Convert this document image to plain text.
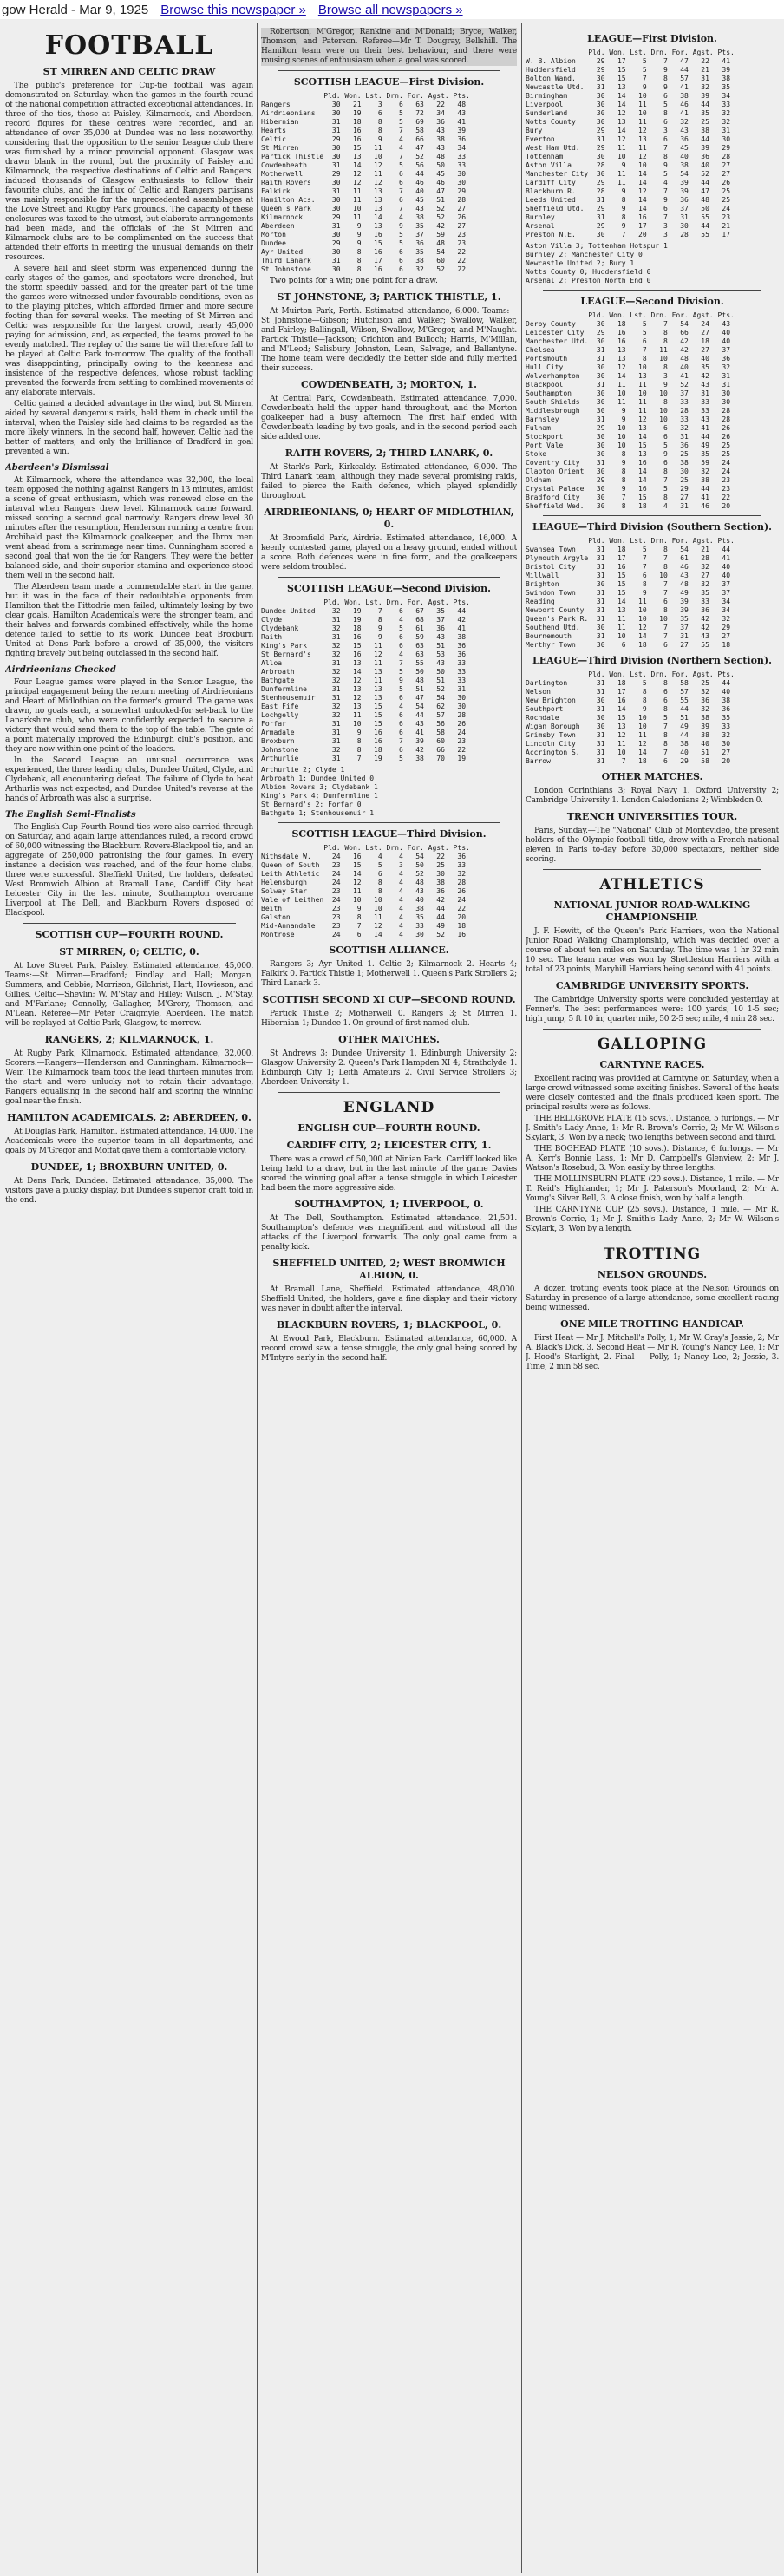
gow Herald - Mar 9, 1925 Browse this newspaper » Browse all newspapers »
FOOTBALL
ST MIRREN AND CELTIC DRAW

The public's preference for Cup-tie football was again demonstrated on Saturday, when the games in the fourth round of the national competition attracted exceptional attendances. In three of the ties, those at Paisley, Kilmarnock, and Aberdeen, record figures for these centres were recorded, and an attendance of over 35,000 at Dundee was no less noteworthy, considering that the opposition to the senior League club there was furnished by a minor provincial opponent. Glasgow was drawn blank in the round, but the proximity of Paisley and Kilmarnock, the respective destinations of Celtic and Rangers, induced thousands of Glasgow enthusiasts to follow their favourite clubs, and the influx of Celtic and Rangers partisans was mainly responsible for the unprecedented assemblages at the Love Street and Rugby Park grounds. The capacity of these enclosures was taxed to the utmost, but elaborate arrangements had been made, and the officials of the St Mirren and Kilmarnock clubs are to be complimented on the success that attended their efforts in meeting the unusual demands on their resources.

A severe hail and sleet storm was experienced during the early stages of the games, and spectators were drenched, but the storm speedily passed, and for the greater part of the time the games were witnessed under favourable conditions, even as to the playing pitches, which afforded firmer and more secure footing than for several weeks. The meeting of St Mirren and Celtic was responsible for the largest crowd, nearly 45,000 paying for admission, and, as expected, the teams proved to be evenly matched. The replay of the same tie will therefore fall to be played at Celtic Park to-morrow. The quality of the football was disappointing, principally owing to the keenness and insistence of the respective defences, whose robust tackling prevented the forwards from settling to combined movements of any elaborate intervals.

Celtic gained a decided advantage in the wind, but St Mirren, aided by several dangerous raids, held them in check until the interval, when the Paisley side had claims to be regarded as the more likely winners. In the second half, however, Celtic had the better of matters, and only the brilliance of Bradford in goal prevented a win.

Aberdeen's Dismissal

At Kilmarnock, where the attendance was 32,000, the local team opposed the nothing against Rangers in 13 minutes, amidst a scene of great enthusiasm, which was renewed close on the interval when Rangers drew level. Kilmarnock came forward, missed scoring a second goal narrowly. Rangers drew level 30 minutes after the resumption, Henderson running a centre from Archibald past the Kilmarnock goalkeeper, and the Ibrox men went ahead from a scrimmage near time. Cunningham scored a second goal that won the tie for Rangers. They were the better balanced side, and their superior stamina and experience stood them well in the second half.

The Aberdeen team made a commendable start in the game, but it was in the face of their redoubtable opponents from Hamilton that the Pittodrie men failed, ultimately losing by two clear goals. Hamilton Academicals were the stronger team, and their halves and forwards combined effectively, while the home defence failed to settle to its work. Dundee beat Broxburn United at Dens Park before a crowd of 35,000, the visitors fighting bravely but being outclassed in the second half.

Airdrieonians Checked

Four League games were played in the Senior League, the principal engagement being the return meeting of Airdrieonians and Heart of Midlothian on the former's ground. The game was drawn, no goals each, a somewhat unlooked-for set-back to the Lanarkshire club, who were confidently expected to secure a victory that would send them to the top of the table. The gate of a point materially improved the Edinburgh club's position, and they are now within one point of the leaders.

In the Second League an unusual occurrence was experienced, the three leading clubs, Dundee United, Clyde, and Clydebank, all encountering defeat. The failure of Clyde to beat Arthurlie was not expected, and Dundee United's reverse at the hands of Arbroath was also a surprise.

The English Semi-Finalists

The English Cup Fourth Round ties were also carried through on Saturday, and again large attendances ruled, a record crowd of 60,000 witnessing the Blackburn Rovers-Blackpool tie, and an aggregate of 250,000 patronising the four games. In every instance a decision was reached, and of the four home clubs, three were successful. Sheffield United, the holders, defeated West Bromwich Albion at Bramall Lane, Cardiff City beat Leicester City in the last minute, Southampton overcame Liverpool at The Dell, and Blackburn Rovers disposed of Blackpool.

SCOTTISH CUP—FOURTH ROUND.
ST MIRREN, 0; CELTIC, 0.

At Love Street Park, Paisley. Estimated attendance, 45,000. Teams:—St Mirren—Bradford; Findlay and Hall; Morgan, Summers, and Gebbie; Morrison, Gilchrist, Hart, Howieson, and Gillies. Celtic—Shevlin; W. M'Stay and Hilley; Wilson, J. M'Stay, and M'Farlane; Connolly, Gallagher, M'Grory, Thomson, and M'Lean. Referee—Mr Peter Craigmyle, Aberdeen. The match will be replayed at Celtic Park, Glasgow, to-morrow.

RANGERS, 2; KILMARNOCK, 1.

At Rugby Park, Kilmarnock. Estimated attendance, 32,000. Scorers:—Rangers—Henderson and Cunningham. Kilmarnock—Weir. The Kilmarnock team took the lead thirteen minutes from the start and were unlucky not to retain their advantage, Rangers equalising in the second half and scoring the winning goal near the finish.

HAMILTON ACADEMICALS, 2; ABERDEEN, 0.

At Douglas Park, Hamilton. Estimated attendance, 14,000. The Academicals were the superior team in all departments, and goals by M'Gregor and Moffat gave them a comfortable victory.

DUNDEE, 1; BROXBURN UNITED, 0.

At Dens Park, Dundee. Estimated attendance, 35,000. The visitors gave a plucky display, but Dundee's superior craft told in the end.

Robertson, M'Gregor, Rankine and M'Donald; Bryce, Walker, Thomson, and Paterson. Referee—Mr T. Dougray, Bellshill. The Hamilton team were on their best behaviour, and there were rousing scenes of enthusiasm when a goal was scored.

SCOTTISH LEAGUE—First Division.
Pld. Won. Lst. Drn. For. Agst. Pts.
Rangers          30   21    3    6   63   22   48
Airdrieonians    30   19    6    5   72   34   43
Hibernian        31   18    8    5   69   36   41
Hearts           31   16    8    7   58   43   39
Celtic           29   16    9    4   66   38   36
St Mirren        30   15   11    4   47   43   34
Partick Thistle  30   13   10    7   52   48   33
Cowdenbeath      31   14   12    5   56   50   33
Motherwell       29   12   11    6   44   45   30
Raith Rovers     30   12   12    6   46   46   30
Falkirk          31   11   13    7   40   47   29
Hamilton Acs.    30   11   13    6   45   51   28
Queen's Park     30   10   13    7   43   52   27
Kilmarnock       29   11   14    4   38   52   26
Aberdeen         31    9   13    9   35   42   27
Morton           30    9   16    5   37   59   23
Dundee           29    9   15    5   36   48   23
Ayr United       30    8   16    6   35   54   22
Third Lanark     31    8   17    6   38   60   22
St Johnstone     30    8   16    6   32   52   22

Two points for a win; one point for a draw.

ST JOHNSTONE, 3; PARTICK THISTLE, 1.

At Muirton Park, Perth. Estimated attendance, 6,000. Teams:—St Johnstone—Gibson; Hutchison and Walker; Swallow, Walker, and Fairley; Ballingall, Wilson, Swallow, M'Gregor, and M'Naught. Partick Thistle—Jackson; Crichton and Bulloch; Harris, M'Millan, and M'Leod; Salisbury, Johnston, Lean, Salvage, and Ballantyne. The home team were decidedly the better side and fully merited their success.

COWDENBEATH, 3; MORTON, 1.

At Central Park, Cowdenbeath. Estimated attendance, 7,000. Cowdenbeath held the upper hand throughout, and the Morton goalkeeper had a busy afternoon. The first half ended with Cowdenbeath leading by two goals, and in the second period each side added one.

RAITH ROVERS, 2; THIRD LANARK, 0.

At Stark's Park, Kirkcaldy. Estimated attendance, 6,000. The Third Lanark team, although they made several promising raids, failed to pierce the Raith defence, which played splendidly throughout.

AIRDRIEONIANS, 0; HEART OF MIDLOTHIAN, 0.

At Broomfield Park, Airdrie. Estimated attendance, 16,000. A keenly contested game, played on a heavy ground, ended without a score. Both defences were in fine form, and the goalkeepers were seldom troubled.

SCOTTISH LEAGUE—Second Division.
Pld. Won. Lst. Drn. For. Agst. Pts.
Dundee United    32   19    7    6   67   35   44
Clyde            31   19    8    4   68   37   42
Clydebank        32   18    9    5   61   36   41
Raith            31   16    9    6   59   43   38
King's Park      32   15   11    6   63   51   36
St Bernard's     32   16   12    4   63   53   36
Alloa            31   13   11    7   55   43   33
Arbroath         32   14   13    5   50   50   33
Bathgate         32   12   11    9   48   51   33
Dunfermline      31   13   13    5   51   52   31
Stenhousemuir    31   12   13    6   47   54   30
East Fife        32   13   15    4   54   62   30
Lochgelly        32   11   15    6   44   57   28
Forfar           31   10   15    6   43   56   26
Armadale         31    9   16    6   41   58   24
Broxburn         31    8   16    7   39   60   23
Johnstone        32    8   18    6   42   66   22
Arthurlie        31    7   19    5   38   70   19
Arthurlie 2; Clyde 1
Arbroath 1; Dundee United 0
Albion Rovers 3; Clydebank 1
King's Park 4; Dunfermline 1
St Bernard's 2; Forfar 0
Bathgate 1; Stenhousemuir 1
SCOTTISH LEAGUE—Third Division.
Pld. Won. Lst. Drn. For. Agst. Pts.
Nithsdale W.     24   16    4    4   54   22   36
Queen of South   23   15    5    3   50   25   33
Leith Athletic   24   14    6    4   52   30   32
Helensburgh      24   12    8    4   48   38   28
Solway Star      23   11    8    4   43   36   26
Vale of Leithen  24   10   10    4   40   42   24
Beith            23    9   10    4   38   44   22
Galston          23    8   11    4   35   44   20
Mid-Annandale    23    7   12    4   33   49   18
Montrose         24    6   14    4   30   52   16
SCOTTISH ALLIANCE.

Rangers 3; Ayr United 1. Celtic 2; Kilmarnock 2. Hearts 4; Falkirk 0. Partick Thistle 1; Motherwell 1. Queen's Park Strollers 2; Third Lanark 3.

SCOTTISH SECOND XI CUP—SECOND ROUND.

Partick Thistle 2; Motherwell 0. Rangers 3; St Mirren 1. Hibernian 1; Dundee 1. On ground of first-named club.

OTHER MATCHES.

St Andrews 3; Dundee University 1. Edinburgh University 2; Glasgow University 2. Queen's Park Hampden XI 4; Strathclyde 1. Edinburgh City 1; Leith Amateurs 2. Civil Service Strollers 3; Aberdeen University 1.

ENGLAND
ENGLISH CUP—FOURTH ROUND.
CARDIFF CITY, 2; LEICESTER CITY, 1.

There was a crowd of 50,000 at Ninian Park. Cardiff looked like being held to a draw, but in the last minute of the game Davies scored the winning goal after a tense struggle in which Leicester had been the more aggressive side.

SOUTHAMPTON, 1; LIVERPOOL, 0.

At The Dell, Southampton. Estimated attendance, 21,501. Southampton's defence was magnificent and withstood all the attacks of the Liverpool forwards. The only goal came from a penalty kick.

SHEFFIELD UNITED, 2; WEST BROMWICH ALBION, 0.

At Bramall Lane, Sheffield. Estimated attendance, 48,000. Sheffield United, the holders, gave a fine display and their victory was never in doubt after the interval.

BLACKBURN ROVERS, 1; BLACKPOOL, 0.

At Ewood Park, Blackburn. Estimated attendance, 60,000. A record crowd saw a tense struggle, the only goal being scored by M'Intyre early in the second half.

LEAGUE—First Division.
Pld. Won. Lst. Drn. For. Agst. Pts.
W. B. Albion     29   17    5    7   47   22   41
Huddersfield     29   15    5    9   44   21   39
Bolton Wand.     30   15    7    8   57   31   38
Newcastle Utd.   31   13    9    9   41   32   35
Birmingham       30   14   10    6   38   39   34
Liverpool        30   14   11    5   46   44   33
Sunderland       30   12   10    8   41   35   32
Notts County     30   13   11    6   32   25   32
Bury             29   14   12    3   43   38   31
Everton          31   12   13    6   36   44   30
West Ham Utd.    29   11   11    7   45   39   29
Tottenham        30   10   12    8   40   36   28
Aston Villa      28    9   10    9   38   40   27
Manchester City  30   11   14    5   54   52   27
Cardiff City     29   11   14    4   39   44   26
Blackburn R.     28    9   12    7   39   47   25
Leeds United     31    8   14    9   36   48   25
Sheffield Utd.   29    9   14    6   37   50   24
Burnley          31    8   16    7   31   55   23
Arsenal          29    9   17    3   30   44   21
Preston N.E.     30    7   20    3   28   55   17
Aston Villa 3; Tottenham Hotspur 1
Burnley 2; Manchester City 0
Newcastle United 2; Bury 1
Notts County 0; Huddersfield 0
Arsenal 2; Preston North End 0
LEAGUE—Second Division.
Pld. Won. Lst. Drn. For. Agst. Pts.
Derby County     30   18    5    7   54   24   43
Leicester City   29   16    5    8   66   27   40
Manchester Utd.  30   16    6    8   42   18   40
Chelsea          31   13    7   11   42   27   37
Portsmouth       31   13    8   10   48   40   36
Hull City        30   12   10    8   40   35   32
Wolverhampton    30   14   13    3   41   42   31
Blackpool        31   11   11    9   52   43   31
Southampton      30   10   10   10   37   31   30
South Shields    30   11   11    8   33   33   30
Middlesbrough    30    9   11   10   28   33   28
Barnsley         31    9   12   10   33   43   28
Fulham           29   10   13    6   32   41   26
Stockport        30   10   14    6   31   44   26
Port Vale        30   10   15    5   36   49   25
Stoke            30    8   13    9   25   35   25
Coventry City    31    9   16    6   38   59   24
Clapton Orient   30    8   14    8   30   32   24
Oldham           29    8   14    7   25   38   23
Crystal Palace   30    9   16    5   29   44   23
Bradford City    30    7   15    8   27   41   22
Sheffield Wed.   30    8   18    4   31   46   20
LEAGUE—Third Division (Southern Section).
Pld. Won. Lst. Drn. For. Agst. Pts.
Swansea Town     31   18    5    8   54   21   44
Plymouth Argyle  31   17    7    7   61   28   41
Bristol City     31   16    7    8   46   32   40
Millwall         31   15    6   10   43   27   40
Brighton         30   15    8    7   48   32   37
Swindon Town     31   15    9    7   49   35   37
Reading          31   14   11    6   39   33   34
Newport County   31   13   10    8   39   36   34
Queen's Park R.  31   11   10   10   35   42   32
Southend Utd.    30   11   12    7   37   42   29
Bournemouth      31   10   14    7   31   43   27
Merthyr Town     30    6   18    6   27   55   18
LEAGUE—Third Division (Northern Section).
Pld. Won. Lst. Drn. For. Agst. Pts.
Darlington       31   18    5    8   58   25   44
Nelson           31   17    8    6   57   32   40
New Brighton     30   16    8    6   55   36   38
Southport        31   14    9    8   44   32   36
Rochdale         30   15   10    5   51   38   35
Wigan Borough    30   13   10    7   49   39   33
Grimsby Town     31   12   11    8   44   38   32
Lincoln City     31   11   12    8   38   40   30
Accrington S.    31   10   14    7   40   51   27
Barrow           31    7   18    6   29   58   20
OTHER MATCHES.

London Corinthians 3; Royal Navy 1. Oxford University 2; Cambridge University 1. London Caledonians 2; Wimbledon 0.

TRENCH UNIVERSITIES TOUR.

Paris, Sunday.—The "National" Club of Montevideo, the present holders of the Olympic football title, drew with a French national eleven in Paris to-day before 30,000 spectators, neither side scoring.

ATHLETICS
NATIONAL JUNIOR ROAD-WALKING CHAMPIONSHIP.

J. F. Hewitt, of the Queen's Park Harriers, won the National Junior Road Walking Championship, which was decided over a course of about ten miles on Saturday. The time was 1 hr 32 min 10 sec. The team race was won by Shettleston Harriers with a total of 23 points, Maryhill Harriers being second with 41 points.

CAMBRIDGE UNIVERSITY SPORTS.

The Cambridge University sports were concluded yesterday at Fenner's. The best performances were: 100 yards, 10 1-5 sec; high jump, 5 ft 10 in; quarter mile, 50 2-5 sec; mile, 4 min 28 sec.

GALLOPING
CARNTYNE RACES.

Excellent racing was provided at Carntyne on Saturday, when a large crowd witnessed some exciting finishes. Several of the heats were closely contested and the finals produced keen sport. The principal results were as follows.

THE BELLGROVE PLATE (15 sovs.). Distance, 5 furlongs. — Mr J. Smith's Lady Anne, 1; Mr R. Brown's Corrie, 2; Mr W. Wilson's Skylark, 3. Won by a neck; two lengths between second and third.

THE BOGHEAD PLATE (10 sovs.). Distance, 6 furlongs. — Mr A. Kerr's Bonnie Lass, 1; Mr D. Campbell's Glenview, 2; Mr J. Watson's Rosebud, 3. Won easily by three lengths.

THE MOLLINSBURN PLATE (20 sovs.). Distance, 1 mile. — Mr T. Reid's Highlander, 1; Mr J. Paterson's Moorland, 2; Mr A. Young's Silver Bell, 3. A close finish, won by half a length.

THE CARNTYNE CUP (25 sovs.). Distance, 1 mile. — Mr R. Brown's Corrie, 1; Mr J. Smith's Lady Anne, 2; Mr W. Wilson's Skylark, 3. Won by a length.

TROTTING
NELSON GROUNDS.

A dozen trotting events took place at the Nelson Grounds on Saturday in presence of a large attendance, some excellent racing being witnessed.

ONE MILE TROTTING HANDICAP.

First Heat — Mr J. Mitchell's Polly, 1; Mr W. Gray's Jessie, 2; Mr A. Black's Dick, 3. Second Heat — Mr R. Young's Nancy Lee, 1; Mr J. Hood's Starlight, 2. Final — Polly, 1; Nancy Lee, 2; Jessie, 3. Time, 2 min 58 sec.
